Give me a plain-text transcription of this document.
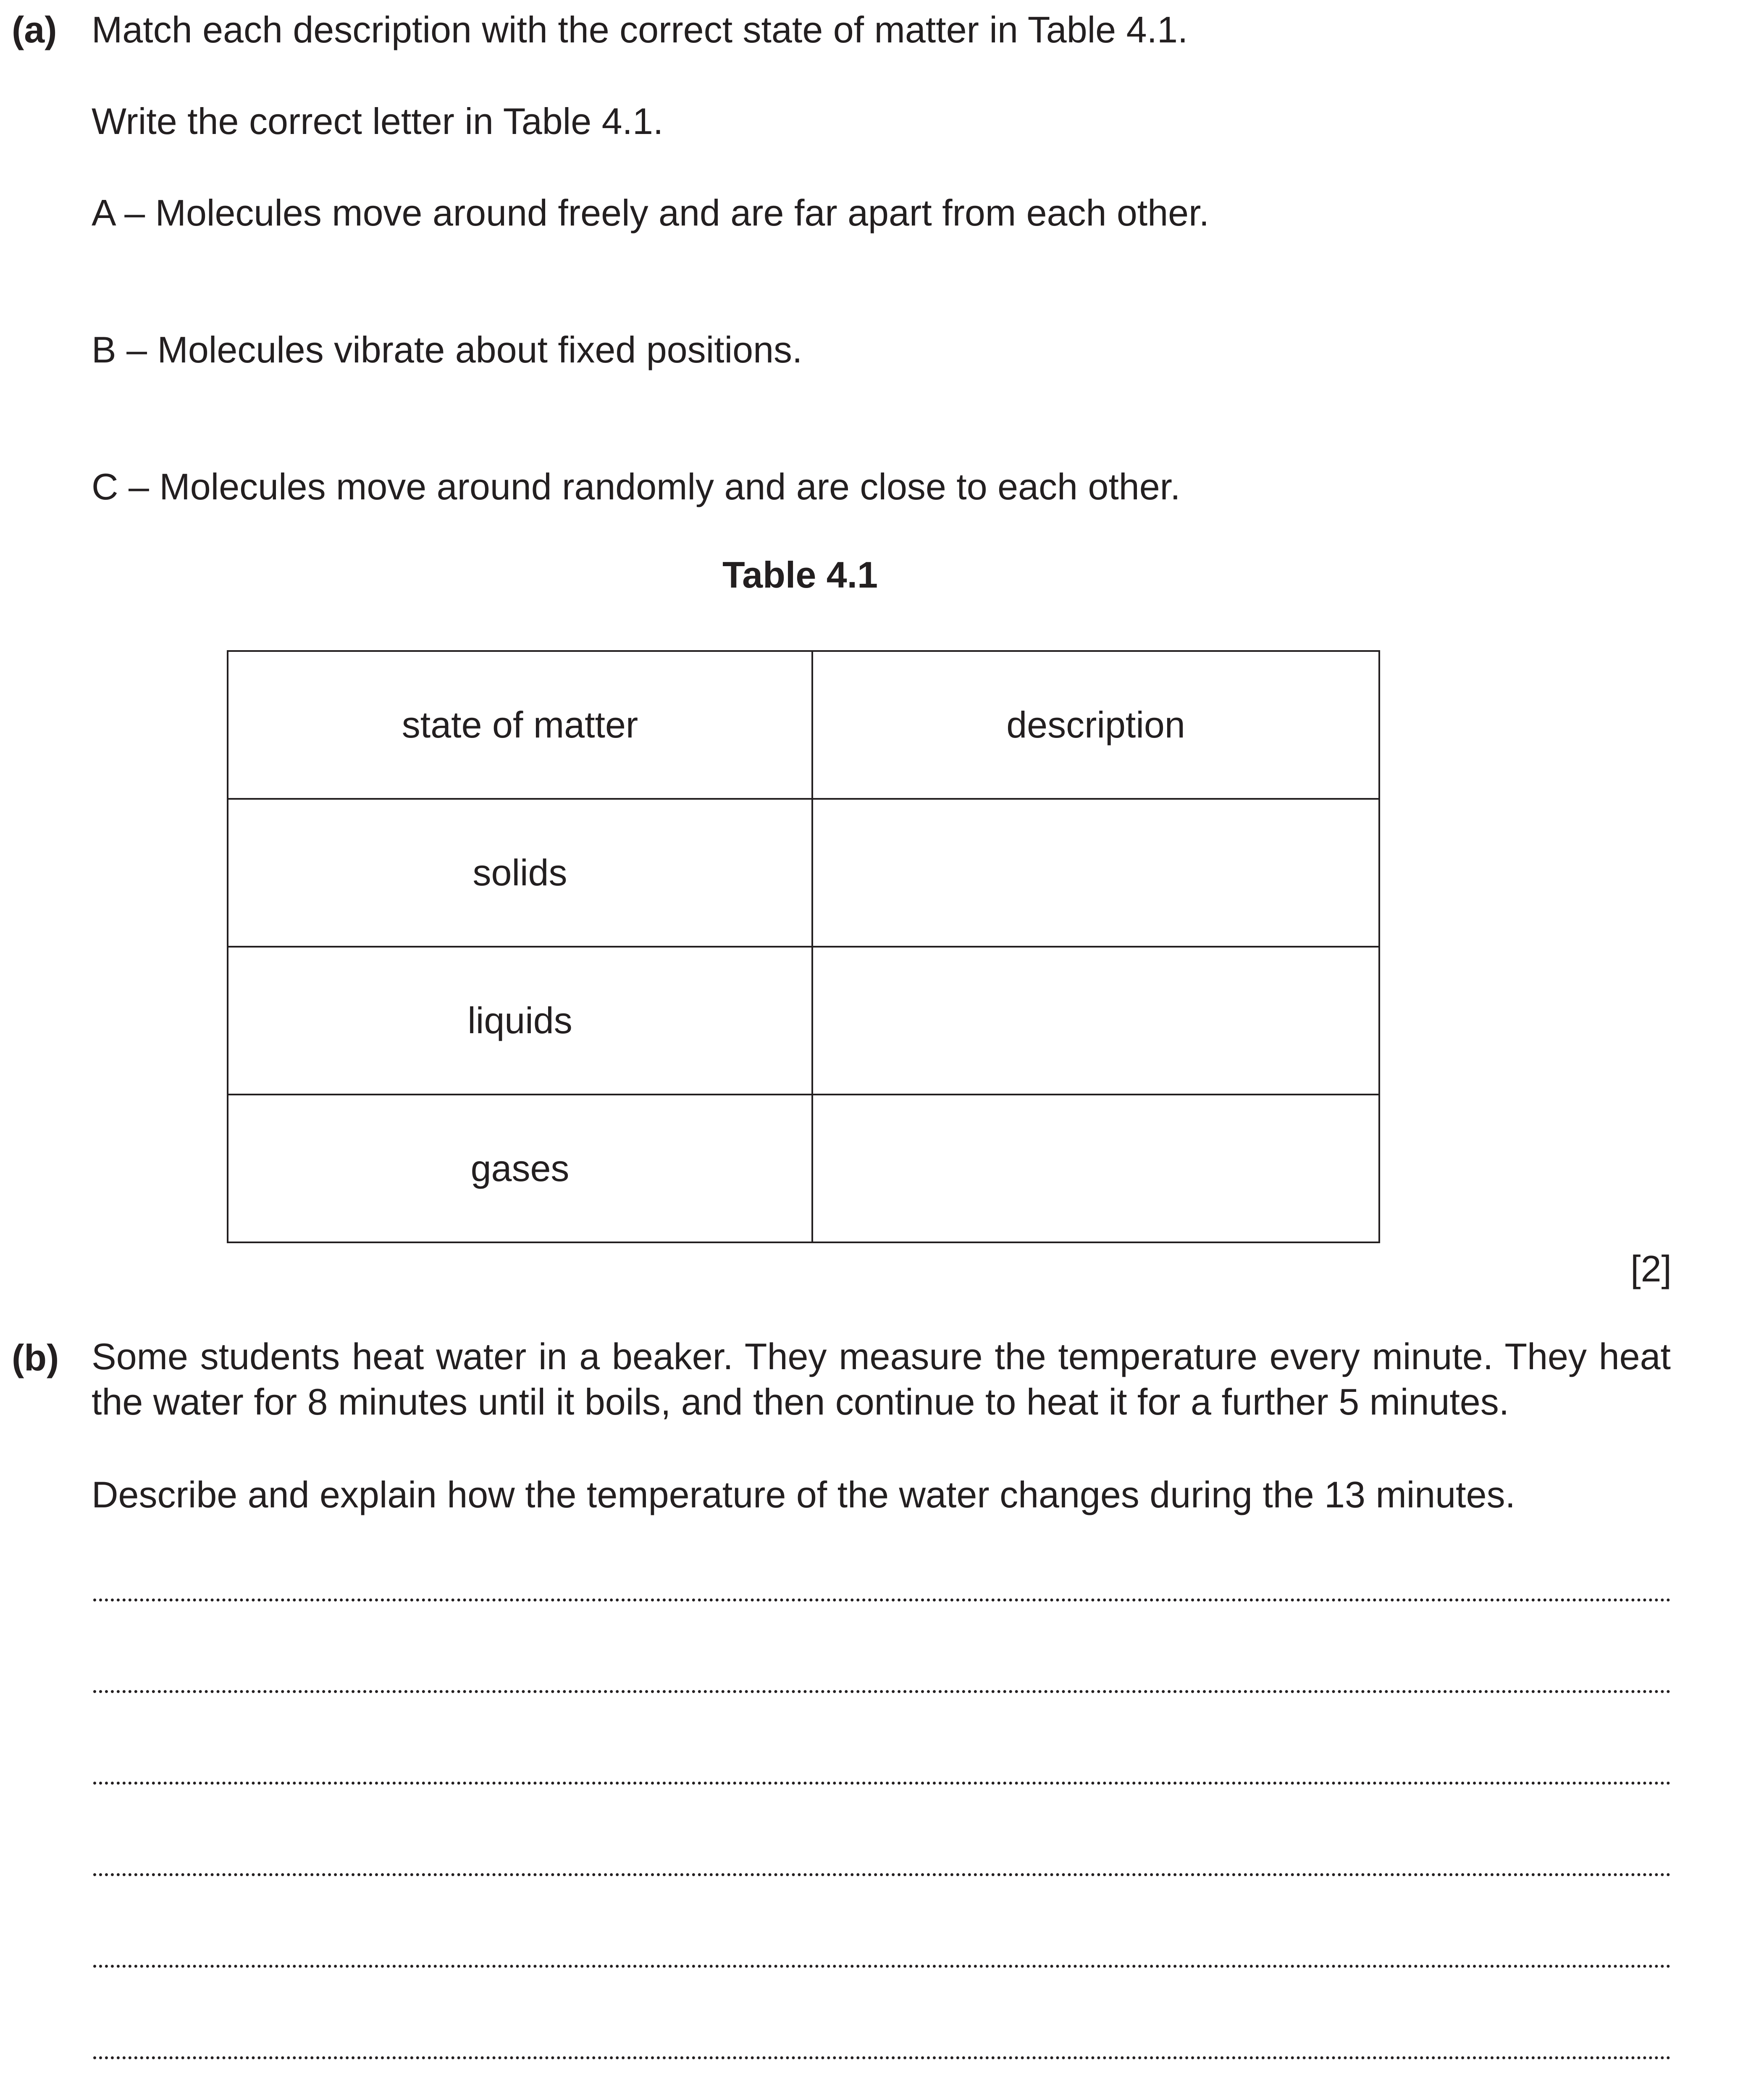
(a) Match each description with the correct state of matter in Table 4.1.
Write the correct letter in Table 4.1.
A – Molecules move around freely and are far apart from each other.
B – Molecules vibrate about fixed positions.
C – Molecules move around randomly and are close to each other.
Table 4.1
state of matter	description
solids	
liquids	
gases	
[2]
(b) Some students heat water in a beaker. They measure the temperature every minute. They heat the water for 8 minutes until it boils, and then continue to heat it for a further 5 minutes.
Describe and explain how the temperature of the water changes during the 13 minutes.
